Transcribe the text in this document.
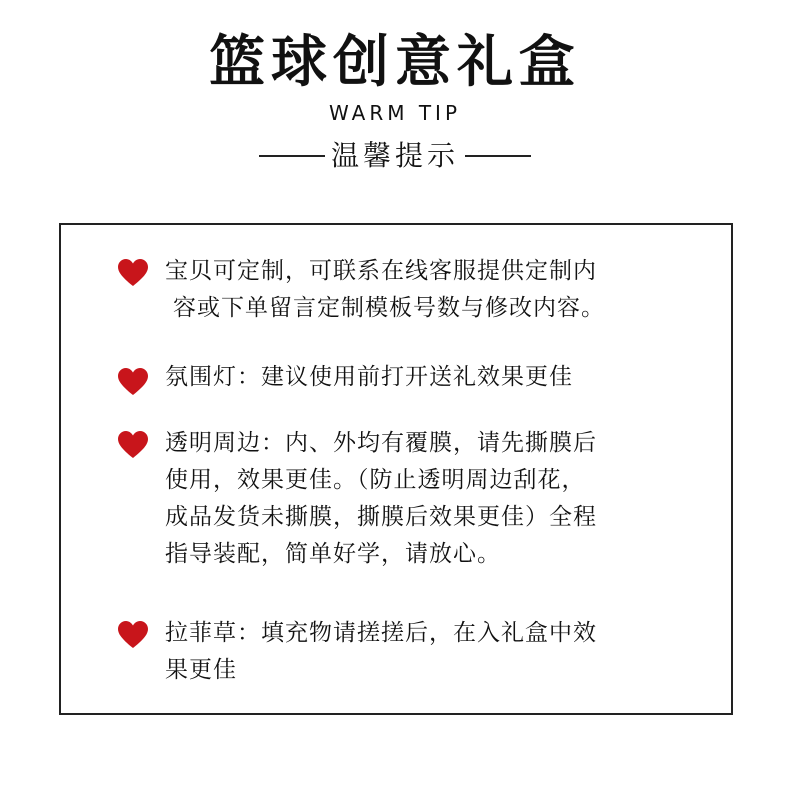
篮球创意礼盒
WARM TIP
温馨提示
宝贝可定制，可联系在线客服提供定制内
容或下单留言定制模板号数与修改内容。
氛围灯：建议使用前打开送礼效果更佳
透明周边：内、外均有覆膜，请先撕膜后
使用，效果更佳。（防止透明周边刮花，
成品发货未撕膜，撕膜后效果更佳）全程
指导装配，简单好学，请放心。
拉菲草：填充物请搓搓后，在入礼盒中效
果更佳
